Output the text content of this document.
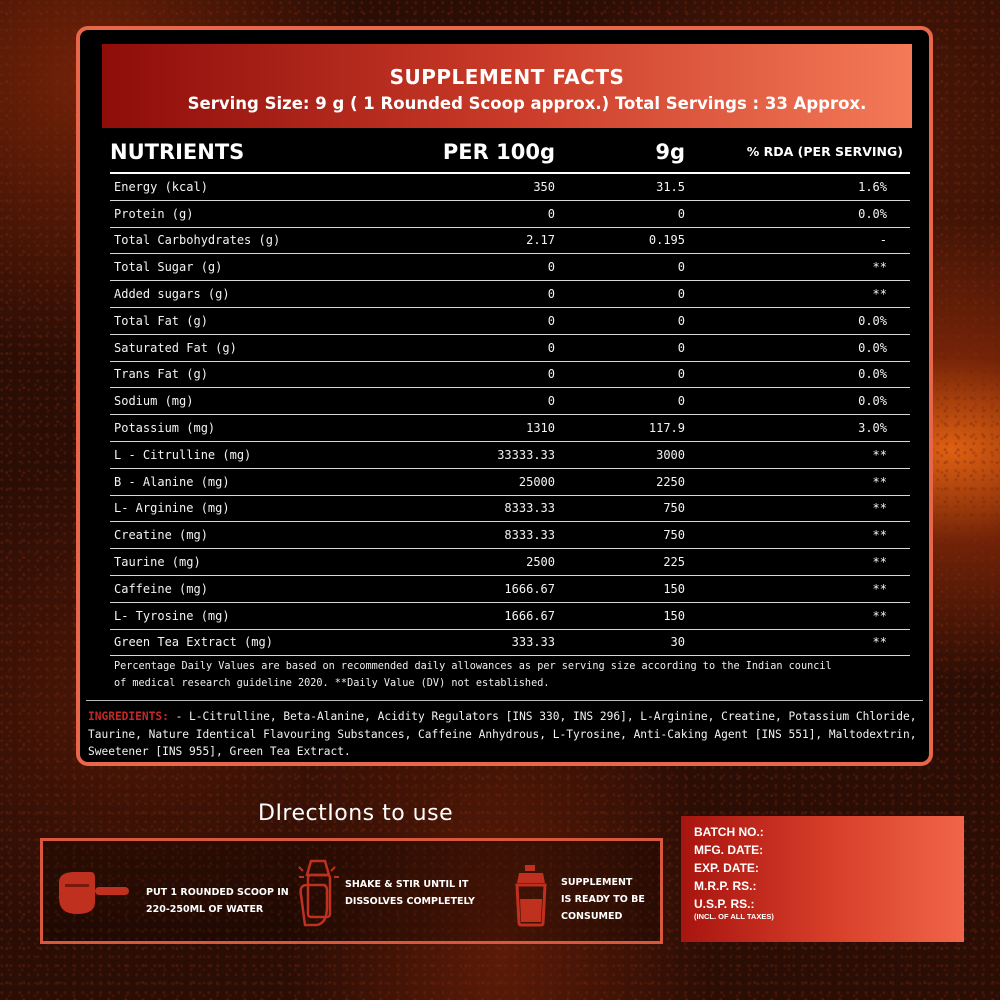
SUPPLEMENT FACTS
Serving Size: 9 g ( 1 Rounded Scoop approx.) Total Servings : 33 Approx.
NUTRIENTS	PER 100g	9g	% RDA (PER SERVING)
Energy (kcal)	350	31.5	1.6%
Protein (g)	0	0	0.0%
Total Carbohydrates (g)	2.17	0.195	-
Total Sugar (g)	0	0	**
Added sugars (g)	0	0	**
Total Fat (g)	0	0	0.0%
Saturated Fat (g)	0	0	0.0%
Trans Fat (g)	0	0	0.0%
Sodium (mg)	0	0	0.0%
Potassium (mg)	1310	117.9	3.0%
L - Citrulline (mg)	33333.33	3000	**
B - Alanine (mg)	25000	2250	**
L- Arginine (mg)	8333.33	750	**
Creatine (mg)	8333.33	750	**
Taurine (mg)	2500	225	**
Caffeine (mg)	1666.67	150	**
L- Tyrosine (mg)	1666.67	150	**
Green Tea Extract (mg)	333.33	30	**
Percentage Daily Values are based on recommended daily allowances as per serving size according to the Indian council
of medical research guideline 2020. **Daily Value (DV) not established.
INGREDIENTS: - L-Citrulline, Beta-Alanine, Acidity Regulators [INS 330, INS 296], L-Arginine, Creatine, Potassium Chloride, Taurine, Nature Identical Flavouring Substances, Caffeine Anhydrous, L-Tyrosine, Anti-Caking Agent [INS 551], Maltodextrin, Sweetener [INS 955], Green Tea Extract.
DIrectIons to use
PUT 1 ROUNDED SCOOP IN
220-250ML OF WATER
SHAKE & STIR UNTIL IT
DISSOLVES COMPLETELY
SUPPLEMENT
IS READY TO BE
CONSUMED
BATCH NO.:
MFG. DATE:
EXP. DATE:
M.R.P. RS.:
U.S.P. RS.:
(INCL. OF ALL TAXES)
